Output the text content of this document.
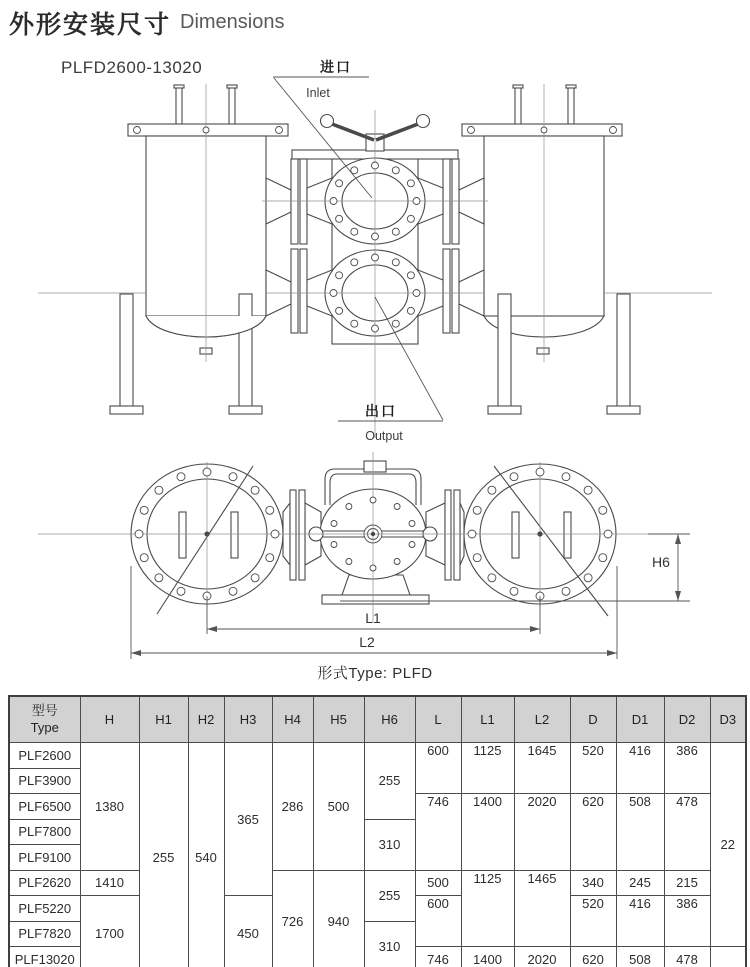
外形安装尺寸 Dimensions
PLFD2600-13020	进口
Inlet
出口
Output
H6
L1
L2
形式Type: PLFD
型号
Type	H	H1	H2	H3	H4	H5	H6	L	L1	L2	D	D1	D2	D3
PLF2600	1380	255	540	365	286	500	255	600	1125	1645	520	416	386	22
PLF3900														
PLF6500								746	1400	2020	620	508	478	
PLF7800							310							
PLF9100														
PLF2620	1410				726	940	255	500	1125	1465	340	245	215	
PLF5220	1700			450				600			520	416	386	
PLF7820							310							
PLF13020								746	1400	2020	620	508	478	
